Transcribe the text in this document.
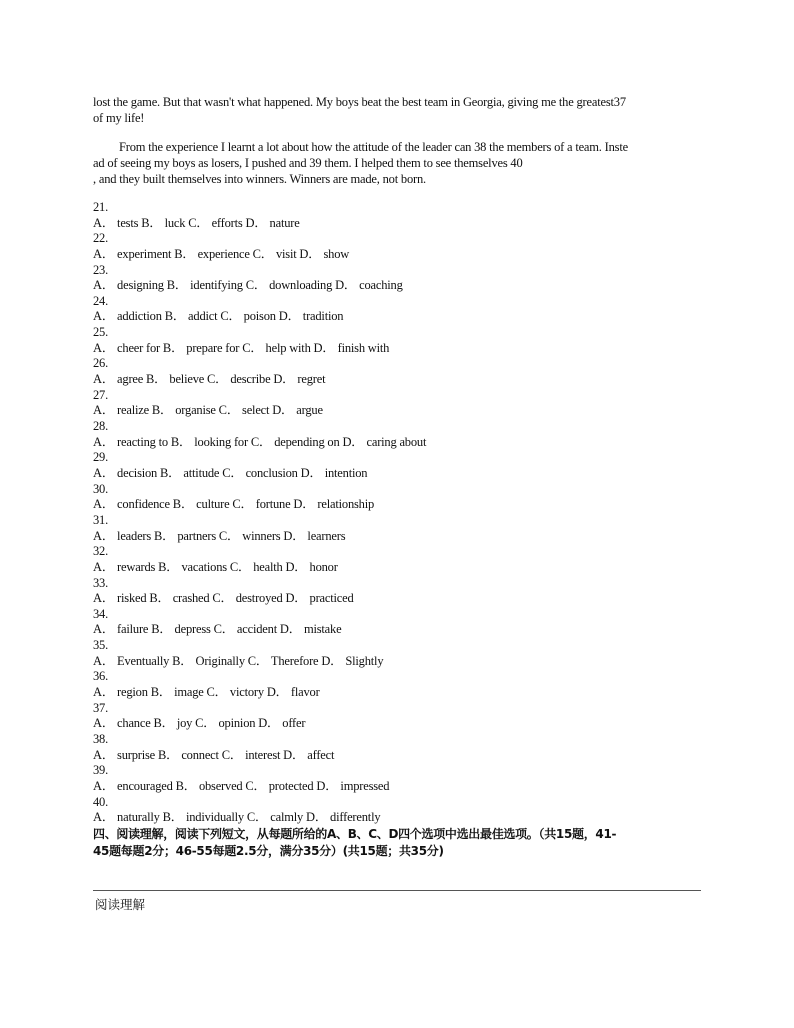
lost the game. But that wasn't what happened. My boys beat the best team in Georgia, giving me the greatest37
of my life!
From the experience I learnt a lot about how the attitude of the leader can 38 the members of a team. Inste
ad of seeing my boys as losers, I pushed and 39 them. I helped them to see themselves 40
, and they built themselves into winners. Winners are made, not born.
21.
A． tests B． luck C． efforts D． nature
22.
A． experiment B． experience C． visit D． show
23.
A． designing B． identifying C． downloading D． coaching
24.
A． addiction B． addict C． poison D． tradition
25.
A． cheer for B． prepare for C． help with D． finish with
26.
A． agree B． believe C． describe D． regret
27.
A． realize B． organise C． select D． argue
28.
A． reacting to B． looking for C． depending on D． caring about
29.
A． decision B． attitude C． conclusion D． intention
30.
A． confidence B． culture C． fortune D． relationship
31.
A． leaders B． partners C． winners D． learners
32.
A． rewards B． vacations C． health D． honor
33.
A． risked B． crashed C． destroyed D． practiced
34.
A． failure B． depress C． accident D． mistake
35.
A． Eventually B． Originally C． Therefore D． Slightly
36.
A． region B． image C． victory D． flavor
37.
A． chance B． joy C． opinion D． offer
38.
A． surprise B． connect C． interest D． affect
39.
A． encouraged B． observed C． protected D． impressed
40.
A． naturally B． individually C． calmly D． differently
四、阅读理解，阅读下列短文，从每题所给的A、B、C、D四个选项中选出最佳选项。（共15题，41-
45题每题2分；46-55每题2.5分，满分35分）(共15题；共35分)
阅读理解
